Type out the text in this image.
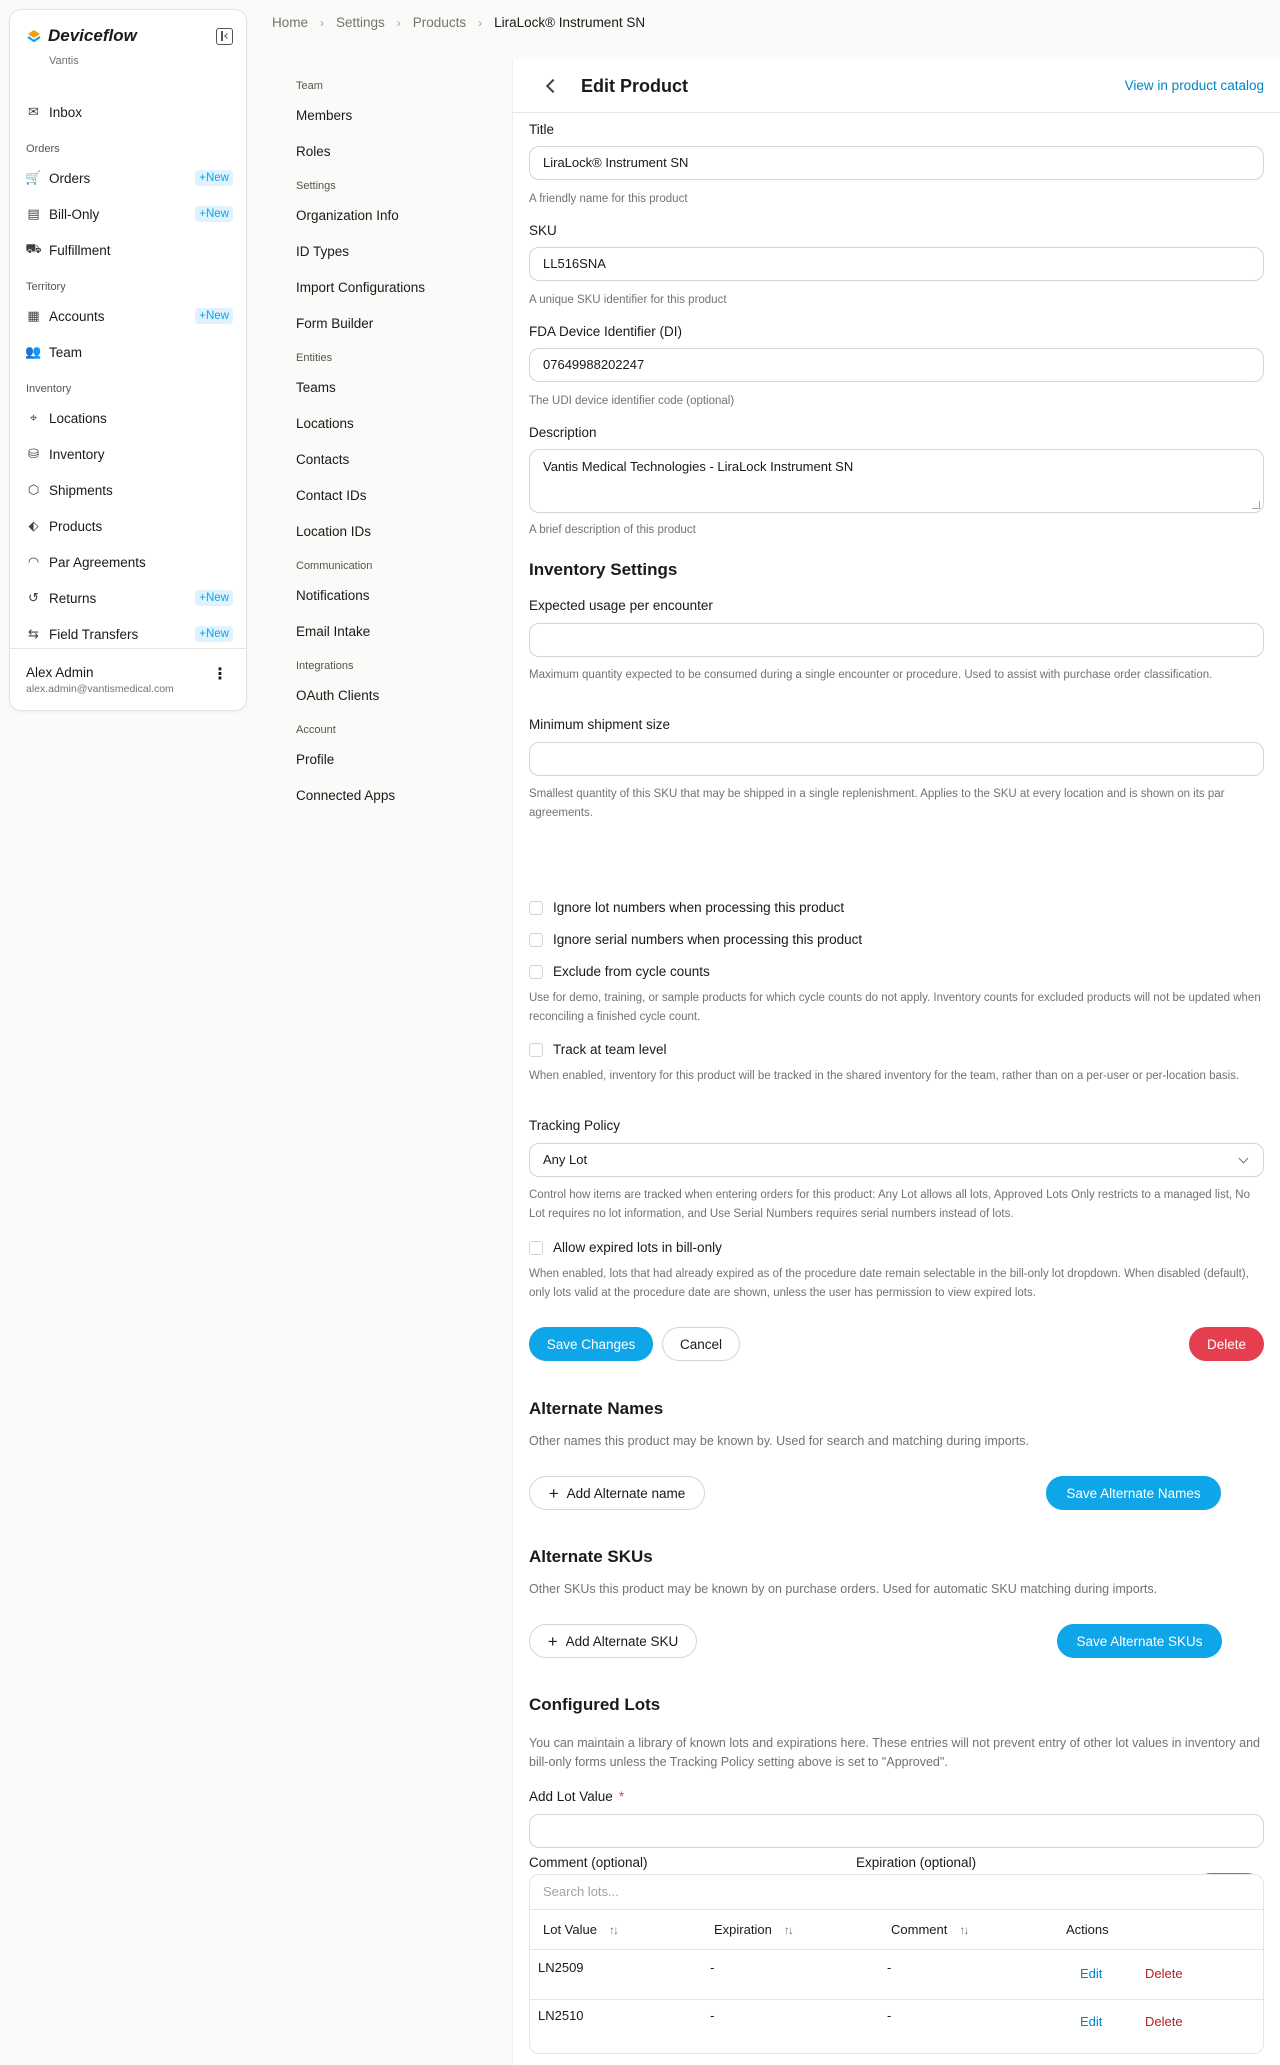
Deviceflow
Vantis
✉ Inbox
Orders
🛒 Orders	+New
▤ Bill-Only	+New
⛟ Fulfillment
Territory
▦ Accounts	+New
👥 Team
Inventory
⌖ Locations
⛁ Inventory
⬡ Shipments
⬖ Products
◠ Par Agreements
↺ Returns	+New
⇆ Field Transfers	+New
Alex Admin
alex.admin@vantismedical.com
⋮
Home › Settings › Products › LiraLock® Instrument SN
Team
Members
Roles
Settings
Organization Info
ID Types
Import Configurations
Form Builder
Entities
Teams
Locations
Contacts
Contact IDs
Location IDs
Communication
Notifications
Email Intake
Integrations
OAuth Clients
Account
Profile
Connected Apps
Edit Product	View in product catalog
Title
LiraLock® Instrument SN
A friendly name for this product
SKU
LL516SNA
A unique SKU identifier for this product
FDA Device Identifier (DI)
07649988202247
The UDI device identifier code (optional)
Description
Vantis Medical Technologies - LiraLock Instrument SN
A brief description of this product
Inventory Settings
Expected usage per encounter
Maximum quantity expected to be consumed during a single encounter or procedure. Used to assist with purchase order classification.
Minimum shipment size
Smallest quantity of this SKU that may be shipped in a single replenishment. Applies to the SKU at every location and is shown on its par agreements.
Ignore lot numbers when processing this product
Ignore serial numbers when processing this product
Exclude from cycle counts
Use for demo, training, or sample products for which cycle counts do not apply. Inventory counts for excluded products will not be updated when reconciling a finished cycle count.
Track at team level
When enabled, inventory for this product will be tracked in the shared inventory for the team, rather than on a per-user or per-location basis.
Tracking Policy
Any Lot
Control how items are tracked when entering orders for this product: Any Lot allows all lots, Approved Lots Only restricts to a managed list, No Lot requires no lot information, and Use Serial Numbers requires serial numbers instead of lots.
Allow expired lots in bill-only
When enabled, lots that had already expired as of the procedure date remain selectable in the bill-only lot dropdown. When disabled (default), only lots valid at the procedure date are shown, unless the user has permission to view expired lots.
Save Changes	Cancel	Delete
Alternate Names
Other names this product may be known by. Used for search and matching during imports.
+ Add Alternate name	Save Alternate Names
Alternate SKUs
Other SKUs this product may be known by on purchase orders. Used for automatic SKU matching during imports.
+ Add Alternate SKU	Save Alternate SKUs
Configured Lots
You can maintain a library of known lots and expirations here. These entries will not prevent entry of other lot values in inventory and bill-only forms unless the Tracking Policy setting above is set to "Approved".
Add Lot Value *
Comment (optional)	Expiration (optional)
Search lots...
Lot Value ↑↓	Expiration ↑↓	Comment ↑↓	Actions
LN2509	-	-	Edit	Delete
LN2510	-	-	Edit	Delete
